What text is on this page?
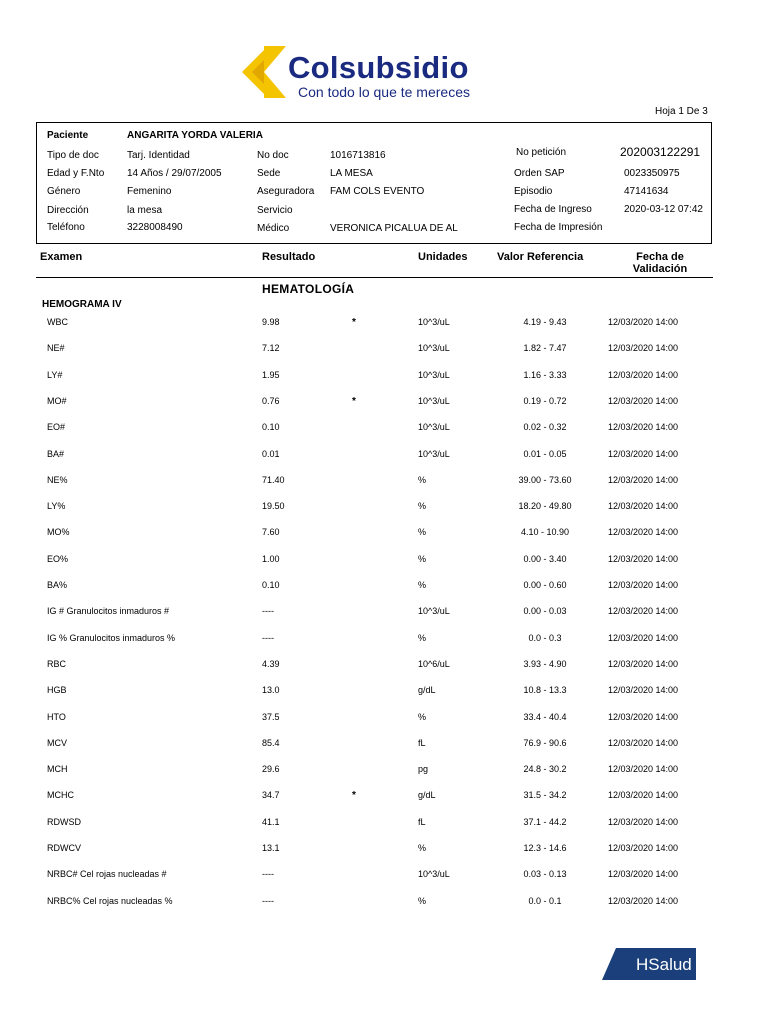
Colsubsidio
Con todo lo que te mereces
Hoja 1 De 3
Paciente	ANGARITA YORDA VALERIA
Tipo de doc	Tarj. Identidad	No doc	1016713816	No petición	202003122291
Edad y F.Nto 14 Años / 29/07/2005	Sede	LA MESA	Orden SAP	0023350975
Género	Femenino	Aseguradora FAM COLS EVENTO	Episodio	47141634
Dirección	la mesa	Servicio	Fecha de Ingreso	2020-03-12 07:42
Teléfono	3228008490	Médico	VERONICA PICALUA DE AL	Fecha de Impresión
Examen	Resultado	Unidades	Valor Referencia	Fecha de
Validación
HEMATOLOGÍA
HEMOGRAMA IV
WBC	9.98	*	10^3/uL	4.19 - 9.43	12/03/2020 14:00
NE#	7.12	10^3/uL	1.82 - 7.47	12/03/2020 14:00
LY#	1.95	10^3/uL	1.16 - 3.33	12/03/2020 14:00
MO#	0.76	*	10^3/uL	0.19 - 0.72	12/03/2020 14:00
EO#	0.10	10^3/uL	0.02 - 0.32	12/03/2020 14:00
BA#	0.01	10^3/uL	0.01 - 0.05	12/03/2020 14:00
NE%	71.40	%	39.00 - 73.60	12/03/2020 14:00
LY%	19.50	%	18.20 - 49.80	12/03/2020 14:00
MO%	7.60	%	4.10 - 10.90	12/03/2020 14:00
EO%	1.00	%	0.00 - 3.40	12/03/2020 14:00
BA%	0.10	%	0.00 - 0.60	12/03/2020 14:00
IG # Granulocitos inmaduros #	----	10^3/uL	0.00 - 0.03	12/03/2020 14:00
IG % Granulocitos inmaduros %	----	%	0.0 - 0.3	12/03/2020 14:00
RBC	4.39	10^6/uL	3.93 - 4.90	12/03/2020 14:00
HGB	13.0	g/dL	10.8 - 13.3	12/03/2020 14:00
HTO	37.5	%	33.4 - 40.4	12/03/2020 14:00
MCV	85.4	fL	76.9 - 90.6	12/03/2020 14:00
MCH	29.6	pg	24.8 - 30.2	12/03/2020 14:00
MCHC	34.7	*	g/dL	31.5 - 34.2	12/03/2020 14:00
RDWSD	41.1	fL	37.1 - 44.2	12/03/2020 14:00
RDWCV	13.1	%	12.3 - 14.6	12/03/2020 14:00
NRBC# Cel rojas nucleadas #	----	10^3/uL	0.03 - 0.13	12/03/2020 14:00
NRBC% Cel rojas nucleadas %	----	%	0.0 - 0.1	12/03/2020 14:00
HSalud
